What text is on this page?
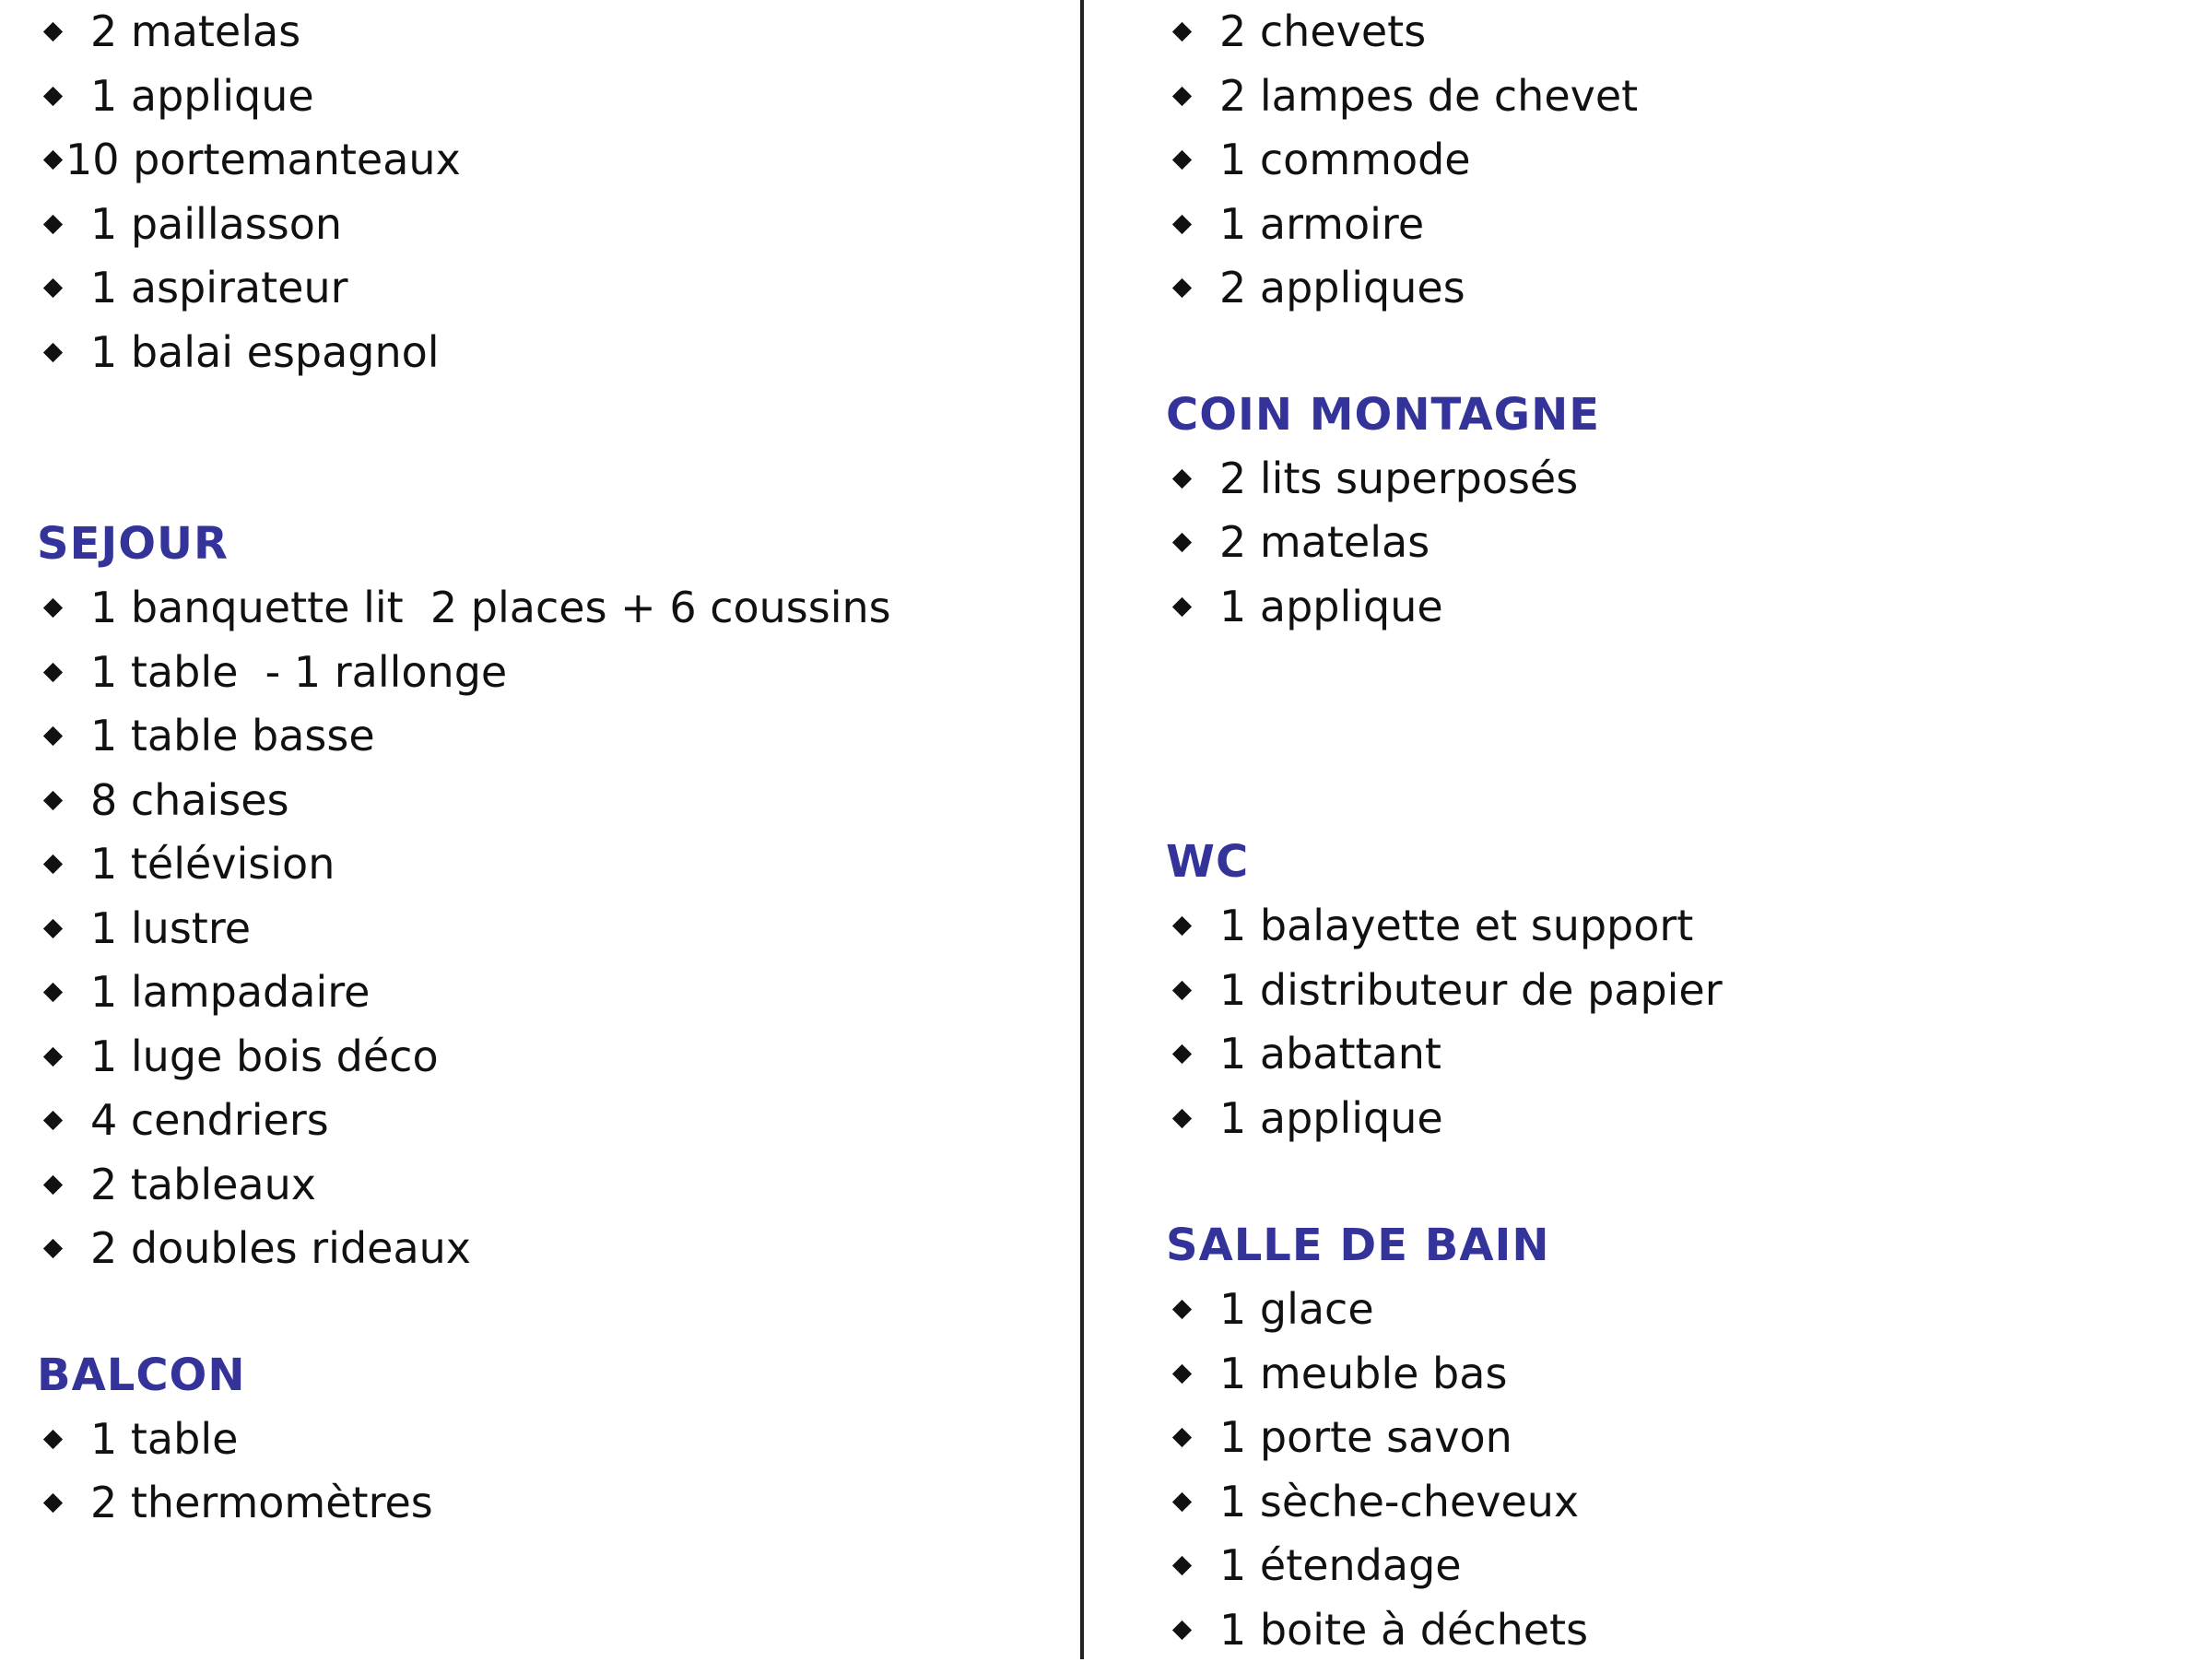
2 matelas
1 applique
10 portemanteaux
1 paillasson
1 aspirateur
1 balai espagnol
SEJOUR
1 banquette lit  2 places + 6 coussins
1 table  - 1 rallonge
1 table basse
8 chaises
1 télévision
1 lustre
1 lampadaire
1 luge bois déco
4 cendriers
2 tableaux
2 doubles rideaux
BALCON
1 table
2 thermomètres
2 chevets
2 lampes de chevet
1 commode
1 armoire
2 appliques
COIN MONTAGNE
2 lits superposés
2 matelas
1 applique
WC
1 balayette et support
1 distributeur de papier
1 abattant
1 applique
SALLE DE BAIN
1 glace
1 meuble bas
1 porte savon
1 sèche-cheveux
1 étendage
1 boite à déchets
